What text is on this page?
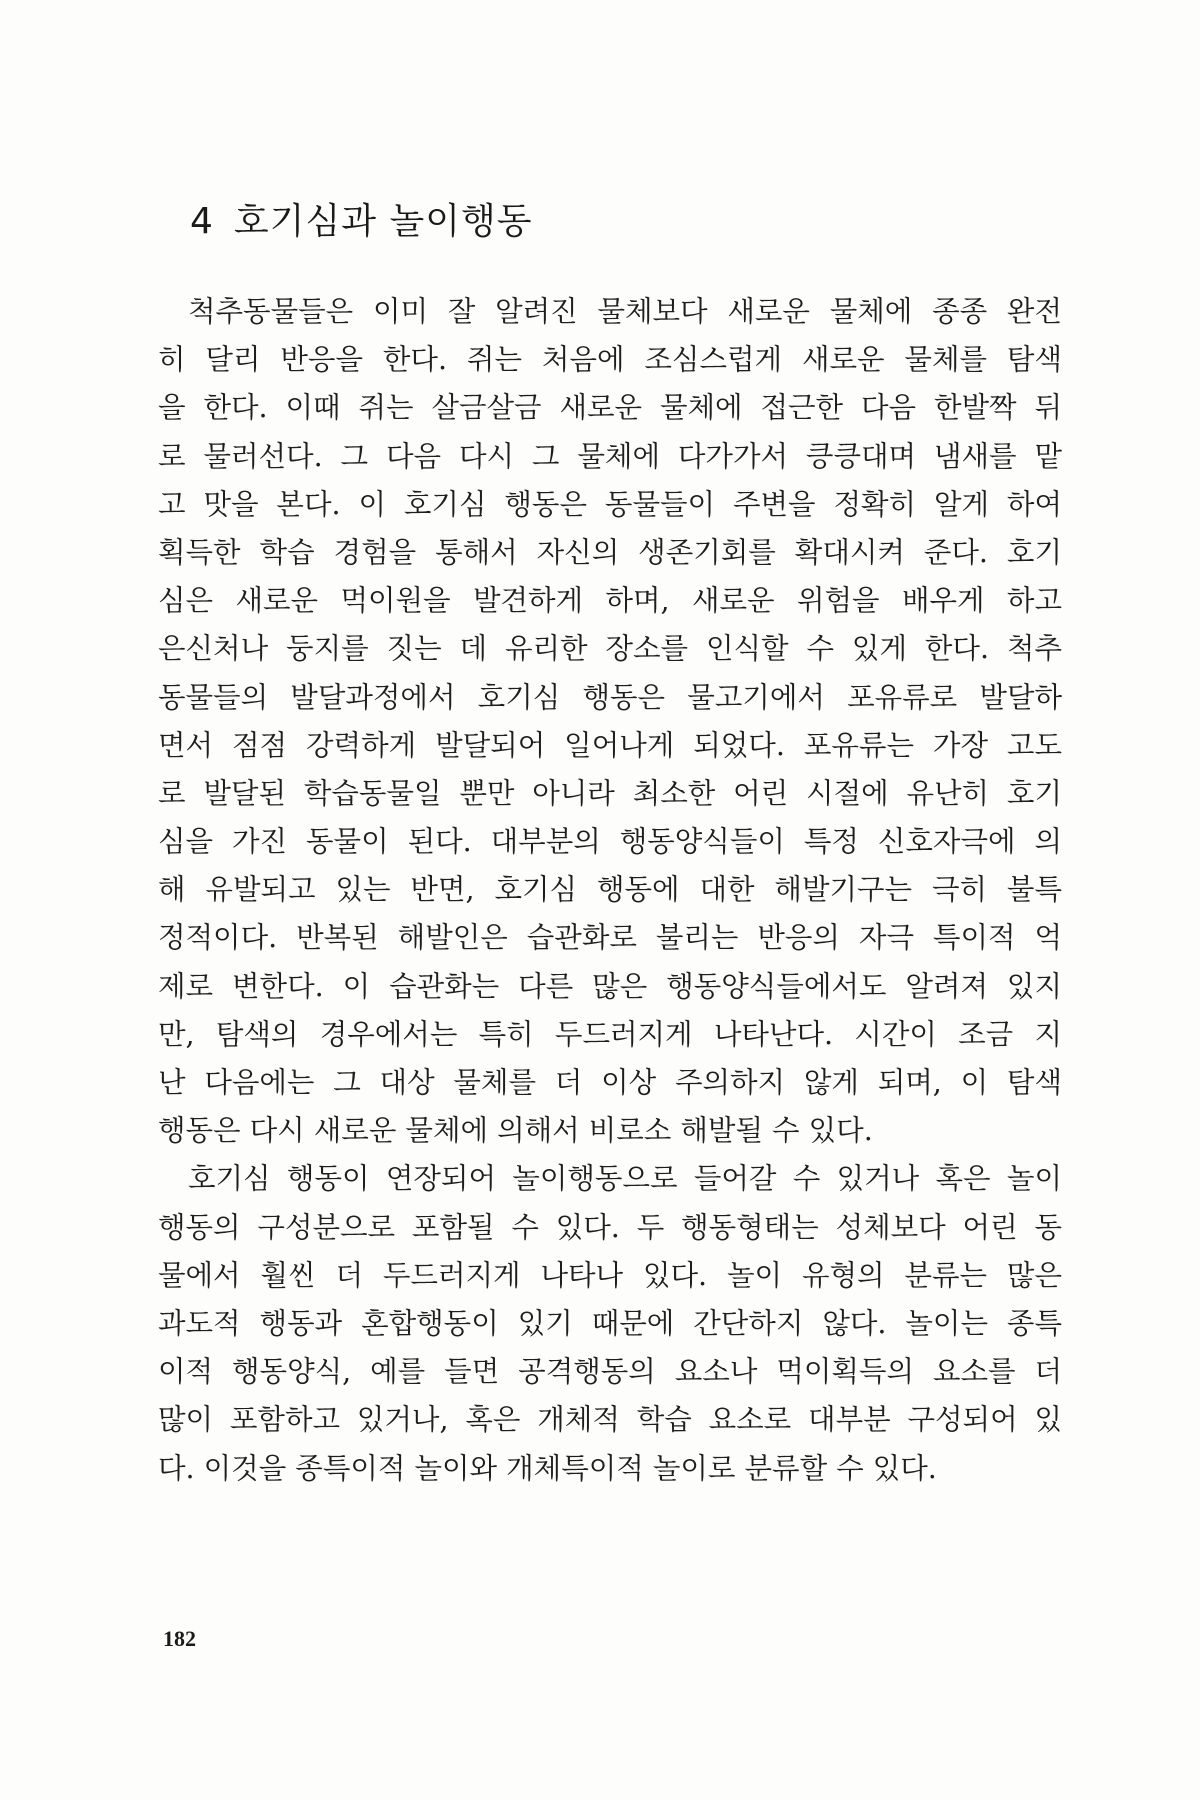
4 호기심과 놀이행동
척추동물들은 이미 잘 알려진 물체보다 새로운 물체에 종종 완전
히 달리 반응을 한다. 쥐는 처음에 조심스럽게 새로운 물체를 탐색
을 한다. 이때 쥐는 살금살금 새로운 물체에 접근한 다음 한발짝 뒤
로 물러선다. 그 다음 다시 그 물체에 다가가서 킁킁대며 냄새를 맡
고 맛을 본다. 이 호기심 행동은 동물들이 주변을 정확히 알게 하여
획득한 학습 경험을 통해서 자신의 생존기회를 확대시켜 준다. 호기
심은 새로운 먹이원을 발견하게 하며, 새로운 위험을 배우게 하고
은신처나 둥지를 짓는 데 유리한 장소를 인식할 수 있게 한다. 척추
동물들의 발달과정에서 호기심 행동은 물고기에서 포유류로 발달하
면서 점점 강력하게 발달되어 일어나게 되었다. 포유류는 가장 고도
로 발달된 학습동물일 뿐만 아니라 최소한 어린 시절에 유난히 호기
심을 가진 동물이 된다. 대부분의 행동양식들이 특정 신호자극에 의
해 유발되고 있는 반면, 호기심 행동에 대한 해발기구는 극히 불특
정적이다. 반복된 해발인은 습관화로 불리는 반응의 자극 특이적 억
제로 변한다. 이 습관화는 다른 많은 행동양식들에서도 알려져 있지
만, 탐색의 경우에서는 특히 두드러지게 나타난다. 시간이 조금 지
난 다음에는 그 대상 물체를 더 이상 주의하지 않게 되며, 이 탐색
행동은 다시 새로운 물체에 의해서 비로소 해발될 수 있다.
호기심 행동이 연장되어 놀이행동으로 들어갈 수 있거나 혹은 놀이
행동의 구성분으로 포함될 수 있다. 두 행동형태는 성체보다 어린 동
물에서 훨씬 더 두드러지게 나타나 있다. 놀이 유형의 분류는 많은
과도적 행동과 혼합행동이 있기 때문에 간단하지 않다. 놀이는 종특
이적 행동양식, 예를 들면 공격행동의 요소나 먹이획득의 요소를 더
많이 포함하고 있거나, 혹은 개체적 학습 요소로 대부분 구성되어 있
다. 이것을 종특이적 놀이와 개체특이적 놀이로 분류할 수 있다.
182
